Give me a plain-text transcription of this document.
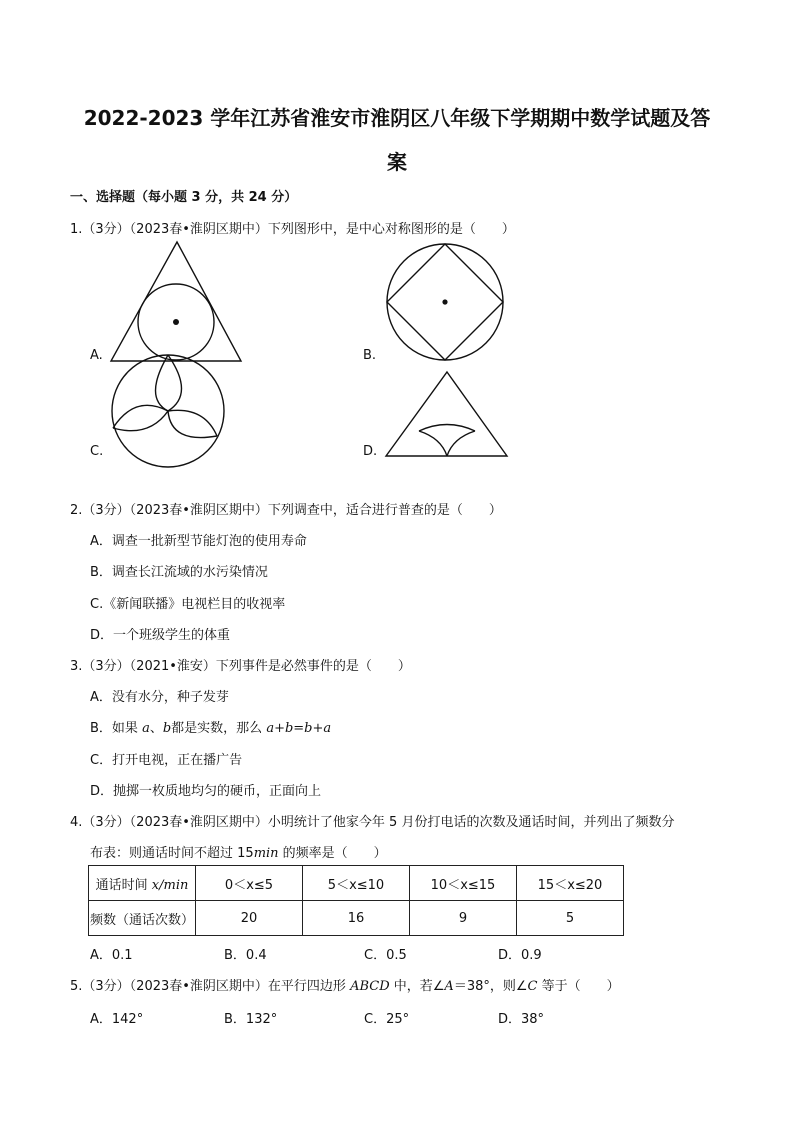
2022-2023 学年江苏省淮安市淮阴区八年级下学期期中数学试题及答
案
一、选择题（每小题 3 分，共 24 分）
1.（3分）（2023春•淮阴区期中）下列图形中，是中心对称图形的是（　　）
A.	B.
C.	D.
2.（3分）（2023春•淮阴区期中）下列调查中，适合进行普查的是（　　）
A．调查一批新型节能灯泡的使用寿命
B．调查长江流域的水污染情况
C.《新闻联播》电视栏目的收视率
D．一个班级学生的体重
3.（3分）（2021•淮安）下列事件是必然事件的是（　　）
A．没有水分，种子发芽
B．如果 a、b都是实数，那么 a+b=b+a
C．打开电视，正在播广告
D．抛掷一枚质地均匀的硬币，正面向上
4.（3分）（2023春•淮阴区期中）小明统计了他家今年 5 月份打电话的次数及通话时间，并列出了频数分
布表：则通话时间不超过 15min 的频率是（　　）
通话时间 x/min	0＜x≤5	5＜x≤10	10＜x≤15	15＜x≤20
频数（通话次数）	20	16	9	5
A．0.1	B．0.4	C．0.5	D．0.9
5.（3分）（2023春•淮阴区期中）在平行四边形 ABCD 中，若∠A＝38°，则∠C 等于（　　）
A．142°	B．132°	C．25°	D．38°
